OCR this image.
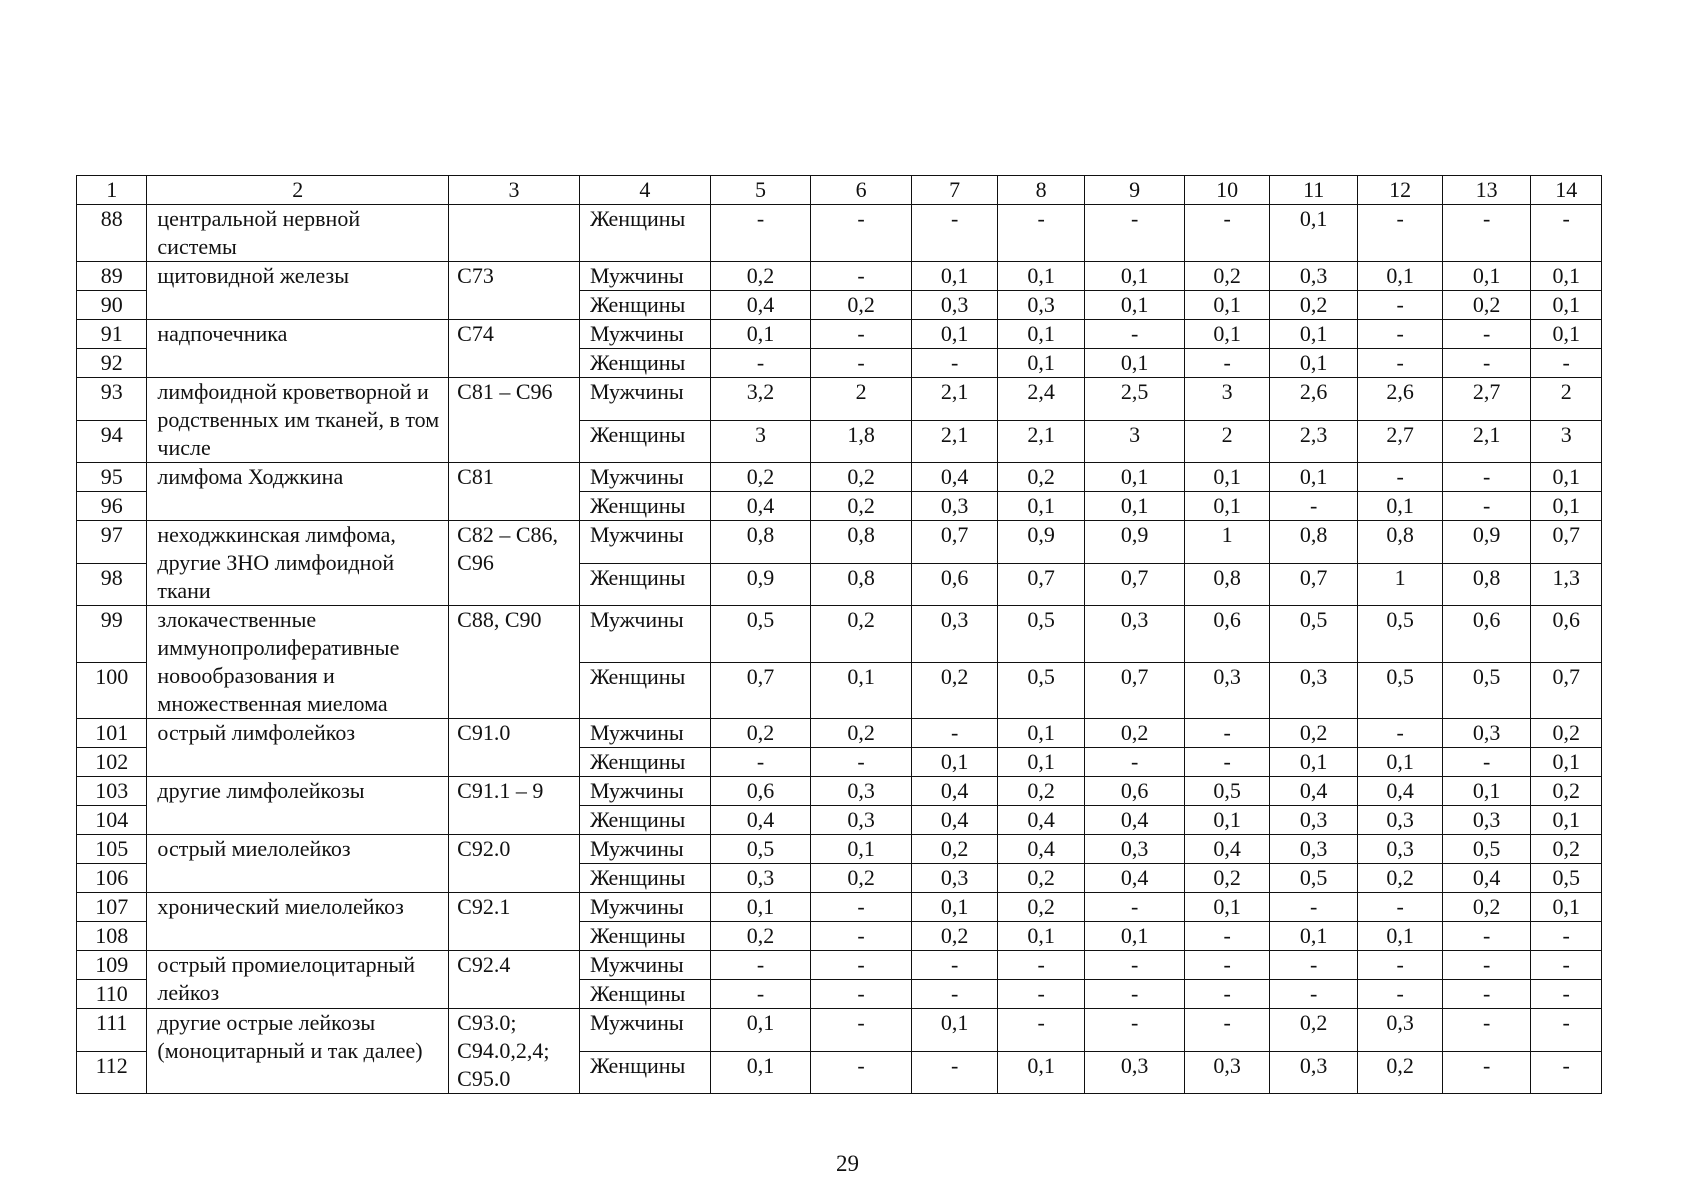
1	2	3	4	5	6	7	8	9	10	11	12	13	14
88	центральной нервной системы		Женщины	-	-	-	-	-	-	0,1	-	-	-
89	щитовидной железы	C73	Мужчины	0,2	-	0,1	0,1	0,1	0,2	0,3	0,1	0,1	0,1
90			Женщины	0,4	0,2	0,3	0,3	0,1	0,1	0,2	-	0,2	0,1
91	надпочечника	C74	Мужчины	0,1	-	0,1	0,1	-	0,1	0,1	-	-	0,1
92			Женщины	-	-	-	0,1	0,1	-	0,1	-	-	-
93	лимфоидной кроветворной и родственных им тканей, в том числе	C81 – C96	Мужчины	3,2	2	2,1	2,4	2,5	3	2,6	2,6	2,7	2
94			Женщины	3	1,8	2,1	2,1	3	2	2,3	2,7	2,1	3
95	лимфома Ходжкина	C81	Мужчины	0,2	0,2	0,4	0,2	0,1	0,1	0,1	-	-	0,1
96			Женщины	0,4	0,2	0,3	0,1	0,1	0,1	-	0,1	-	0,1
97	неходжкинская лимфома, другие ЗНО лимфоидной ткани	C82 – C86, C96	Мужчины	0,8	0,8	0,7	0,9	0,9	1	0,8	0,8	0,9	0,7
98			Женщины	0,9	0,8	0,6	0,7	0,7	0,8	0,7	1	0,8	1,3
99	злокачественные иммунопролиферативные новообразования и множественная миелома	C88, C90	Мужчины	0,5	0,2	0,3	0,5	0,3	0,6	0,5	0,5	0,6	0,6
100			Женщины	0,7	0,1	0,2	0,5	0,7	0,3	0,3	0,5	0,5	0,7
101	острый лимфолейкоз	C91.0	Мужчины	0,2	0,2	-	0,1	0,2	-	0,2	-	0,3	0,2
102			Женщины	-	-	0,1	0,1	-	-	0,1	0,1	-	0,1
103	другие лимфолейкозы	C91.1 – 9	Мужчины	0,6	0,3	0,4	0,2	0,6	0,5	0,4	0,4	0,1	0,2
104			Женщины	0,4	0,3	0,4	0,4	0,4	0,1	0,3	0,3	0,3	0,1
105	острый миелолейкоз	C92.0	Мужчины	0,5	0,1	0,2	0,4	0,3	0,4	0,3	0,3	0,5	0,2
106			Женщины	0,3	0,2	0,3	0,2	0,4	0,2	0,5	0,2	0,4	0,5
107	хронический миелолейкоз	C92.1	Мужчины	0,1	-	0,1	0,2	-	0,1	-	-	0,2	0,1
108			Женщины	0,2	-	0,2	0,1	0,1	-	0,1	0,1	-	-
109	острый промиелоцитарный лейкоз	C92.4	Мужчины	-	-	-	-	-	-	-	-	-	-
110			Женщины	-	-	-	-	-	-	-	-	-	-
111	другие острые лейкозы (моноцитарный и так далее)	C93.0; C94.0,2,4; C95.0	Мужчины	0,1	-	0,1	-	-	-	0,2	0,3	-	-
112			Женщины	0,1	-	-	0,1	0,3	0,3	0,3	0,2	-	-
29
